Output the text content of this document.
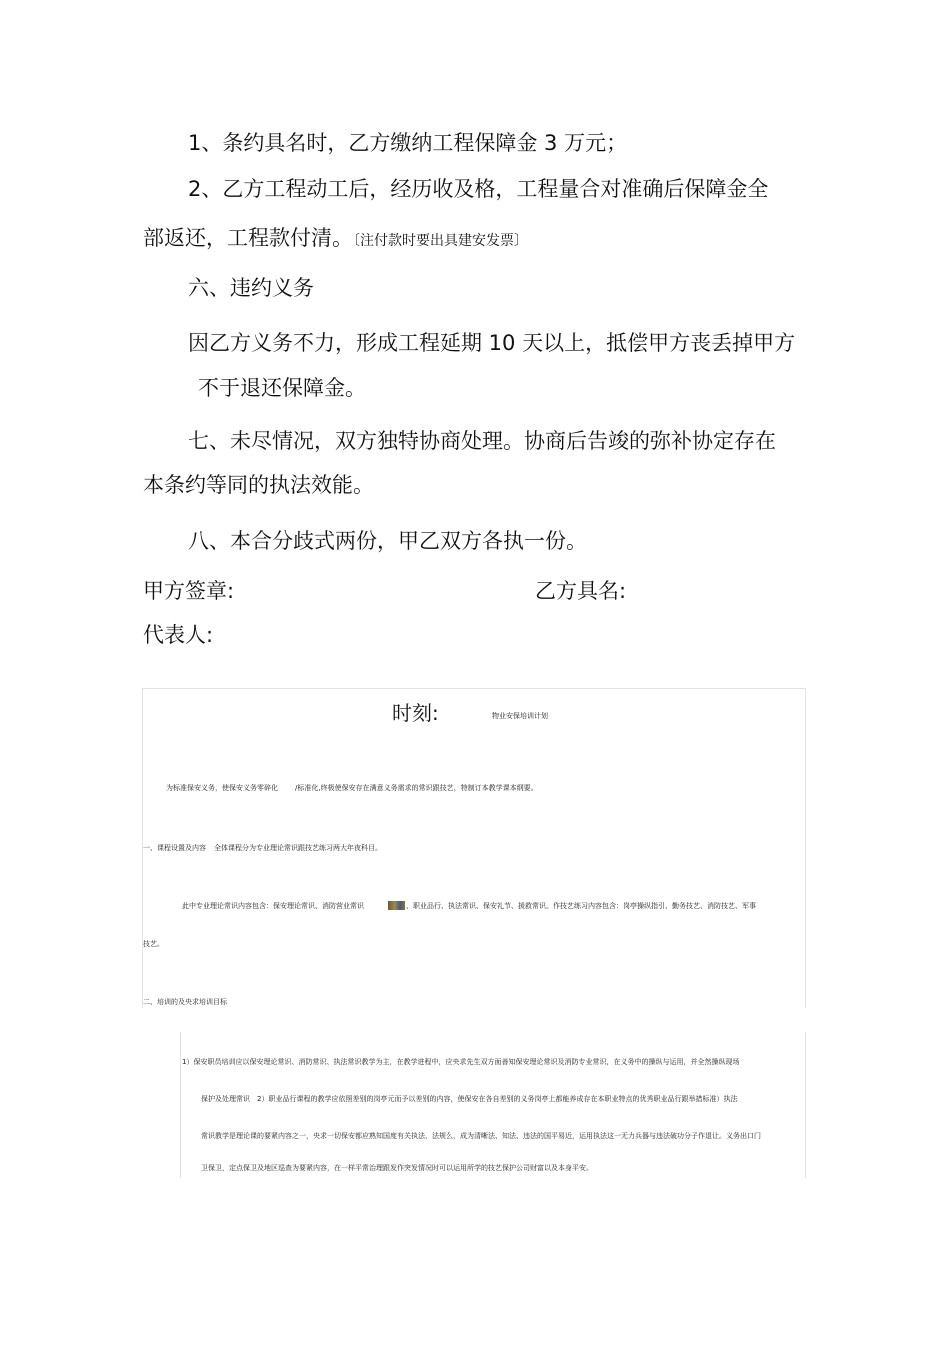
1、条约具名时，乙方缴纳工程保障金 3 万元；
2、乙方工程动工后，经历收及格，工程量合对准确后保障金全
部返还，工程款付清。〔注付款时要出具建安发票〕
六、违约义务
因乙方义务不力，形成工程延期 10 天以上，抵偿甲方丧丢掉甲方
不于退还保障金。
七、未尽情况，双方独特协商处理。协商后告竣的弥补协定存在
本条约等同的执法效能。
八、本合分歧式两份，甲乙双方各执一份。
甲方签章:	乙方具名:
代表人:
时刻:	物业安保培训计划
为标准保安义务，使保安义务零碎化 /标准化,终极使保安存在满意义务需求的常识跟技艺，特制订本教学课本纲要。
一、课程设置及内容 全体课程分为专业理论常识跟技艺练习两大年夜科目。
此中专业理论常识内容包含：保安理论常识、消防营业常识	、职业品行、执法常识、保安礼节、援救常识。作技艺练习内容包含：岗亭操纵指引、勤务技艺、消防技艺、军事
技艺。
二、培训的及央求培训目标
1）保安职员培训应以保安理论常识、消防常识、执法常识教学为主，在教学进程中，应央求先生双方面善知保安理论常识及消防专业常识，在义务中的操纵与运用，并全然操纵现场
保护及处理常识　2）职业品行课程的教学应依照差别的岗亭元而予以差别的内容，使保安在各自差别的义务岗亭上都能养成存在本职业特点的优秀职业品行跟举措标准）执法
常识教学是理论课的要紧内容之一，央求一切保安都应熟知国度有关执法、法规么，成为清晰法、知法、违法的国平易近，运用执法这一无力兵器与违法破功分子作退让。义务出口门
卫保卫，定点保卫及地区巡查为要紧内容，在一样平常治理跟发作突发情况时可以运用所学的技艺保护公司财富以及本身平安。
